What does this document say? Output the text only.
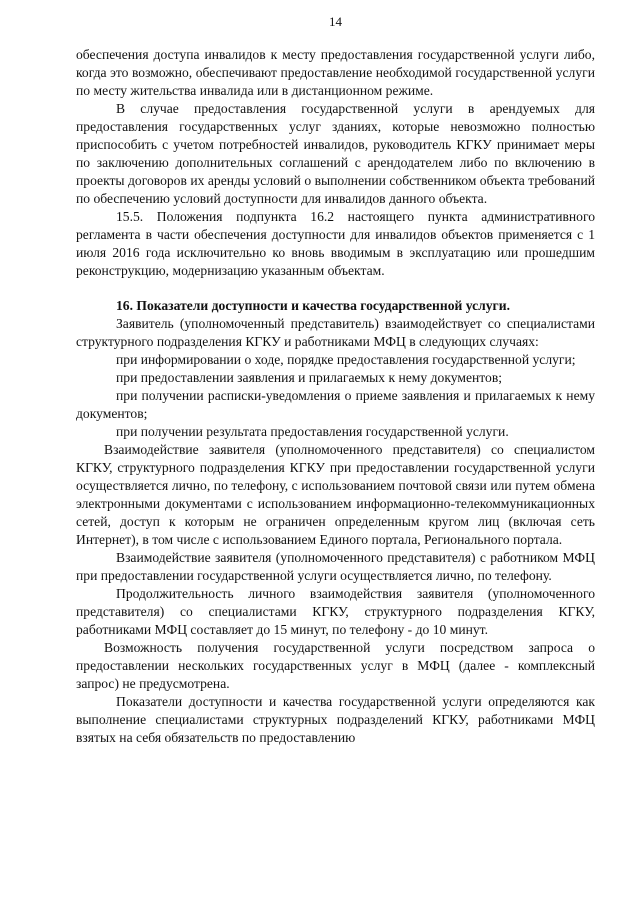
14

обеспечения доступа инвалидов к месту предоставления государственной услуги либо, когда это возможно, обеспечивают предоставление необходимой государственной услуги по месту жительства инвалида или в дистанционном режиме.

В случае предоставления государственной услуги в арендуемых для предоставления государственных услуг зданиях, которые невозможно полностью приспособить с учетом потребностей инвалидов, руководитель КГКУ принимает меры по заключению дополнительных соглашений с арендодателем либо по включению в проекты договоров их аренды условий о выполнении собственником объекта требований по обеспечению условий доступности для инвалидов данного объекта.

15.5. Положения подпункта 16.2 настоящего пункта административного регламента в части обеспечения доступности для инвалидов объектов применяется с 1 июля 2016 года исключительно ко вновь вводимым в эксплуатацию или прошедшим реконструкцию, модернизацию указанным объектам.

16. Показатели доступности и качества государственной услуги.

Заявитель (уполномоченный представитель) взаимодействует со специалистами структурного подразделения КГКУ и работниками МФЦ в следующих случаях:

при информировании о ходе, порядке предоставления государственной услуги;

при предоставлении заявления и прилагаемых к нему документов;

при получении расписки-уведомления о приеме заявления и прилагаемых к нему документов;

при получении результата предоставления государственной услуги.

Взаимодействие заявителя (уполномоченного представителя) со специалистом КГКУ, структурного подразделения КГКУ при предоставлении государственной услуги осуществляется лично, по телефону, с использованием почтовой связи или путем обмена электронными документами с использованием информационно-телекоммуникационных сетей, доступ к которым не ограничен определенным кругом лиц (включая сеть Интернет), в том числе с использованием Единого портала, Регионального портала.

Взаимодействие заявителя (уполномоченного представителя) с работником МФЦ при предоставлении государственной услуги осуществляется лично, по телефону.

Продолжительность личного взаимодействия заявителя (уполномоченного представителя) со специалистами КГКУ, структурного подразделения КГКУ, работниками МФЦ составляет до 15 минут, по телефону - до 10 минут.

Возможность получения государственной услуги посредством запроса о предоставлении нескольких государственных услуг в МФЦ (далее - комплексный запрос) не предусмотрена.

Показатели доступности и качества государственной услуги определяются как выполнение специалистами структурных подразделений КГКУ, работниками МФЦ взятых на себя обязательств по предоставлению
